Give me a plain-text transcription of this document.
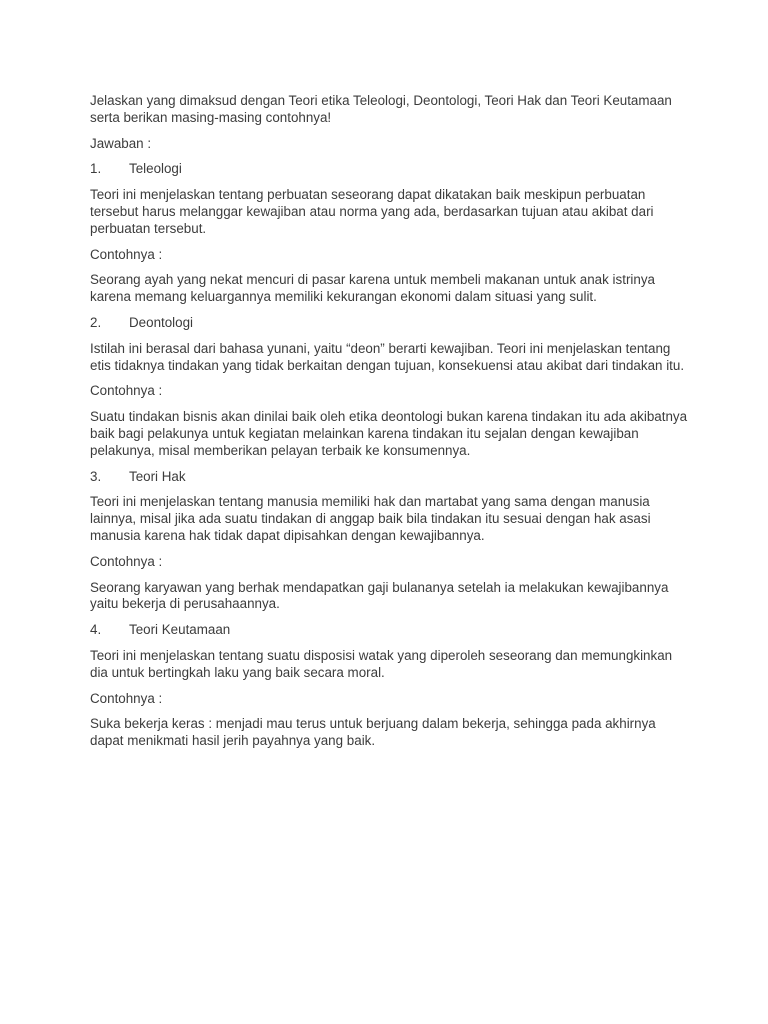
Jelaskan yang dimaksud dengan Teori etika Teleologi, Deontologi, Teori Hak dan Teori Keutamaan serta berikan masing-masing contohnya!

Jawaban :

1.	Teleologi

Teori ini menjelaskan tentang perbuatan seseorang dapat dikatakan baik meskipun perbuatan tersebut harus melanggar kewajiban atau norma yang ada, berdasarkan tujuan atau akibat dari perbuatan tersebut.

Contohnya :

Seorang ayah yang nekat mencuri di pasar karena untuk membeli makanan untuk anak istrinya karena memang keluargannya memiliki kekurangan ekonomi dalam situasi yang sulit.

2.	Deontologi

Istilah ini berasal dari bahasa yunani, yaitu “deon” berarti kewajiban. Teori ini menjelaskan tentang etis tidaknya tindakan yang tidak berkaitan dengan tujuan, konsekuensi atau akibat dari tindakan itu.

Contohnya :

Suatu tindakan bisnis akan dinilai baik oleh etika deontologi bukan karena tindakan itu ada akibatnya baik bagi pelakunya untuk kegiatan melainkan karena tindakan itu sejalan dengan kewajiban pelakunya, misal memberikan pelayan terbaik ke konsumennya.

3.	Teori Hak

Teori ini menjelaskan tentang manusia memiliki hak dan martabat yang sama dengan manusia lainnya, misal jika ada suatu tindakan di anggap baik bila tindakan itu sesuai dengan hak asasi manusia karena hak tidak dapat dipisahkan dengan kewajibannya.

Contohnya :

Seorang karyawan yang berhak mendapatkan gaji bulananya setelah ia melakukan kewajibannya yaitu bekerja di perusahaannya.

4.	Teori Keutamaan

Teori ini menjelaskan tentang suatu disposisi watak yang diperoleh seseorang dan memungkinkan dia untuk bertingkah laku yang baik secara moral.

Contohnya :

Suka bekerja keras : menjadi mau terus untuk berjuang dalam bekerja, sehingga pada akhirnya dapat menikmati hasil jerih payahnya yang baik.
